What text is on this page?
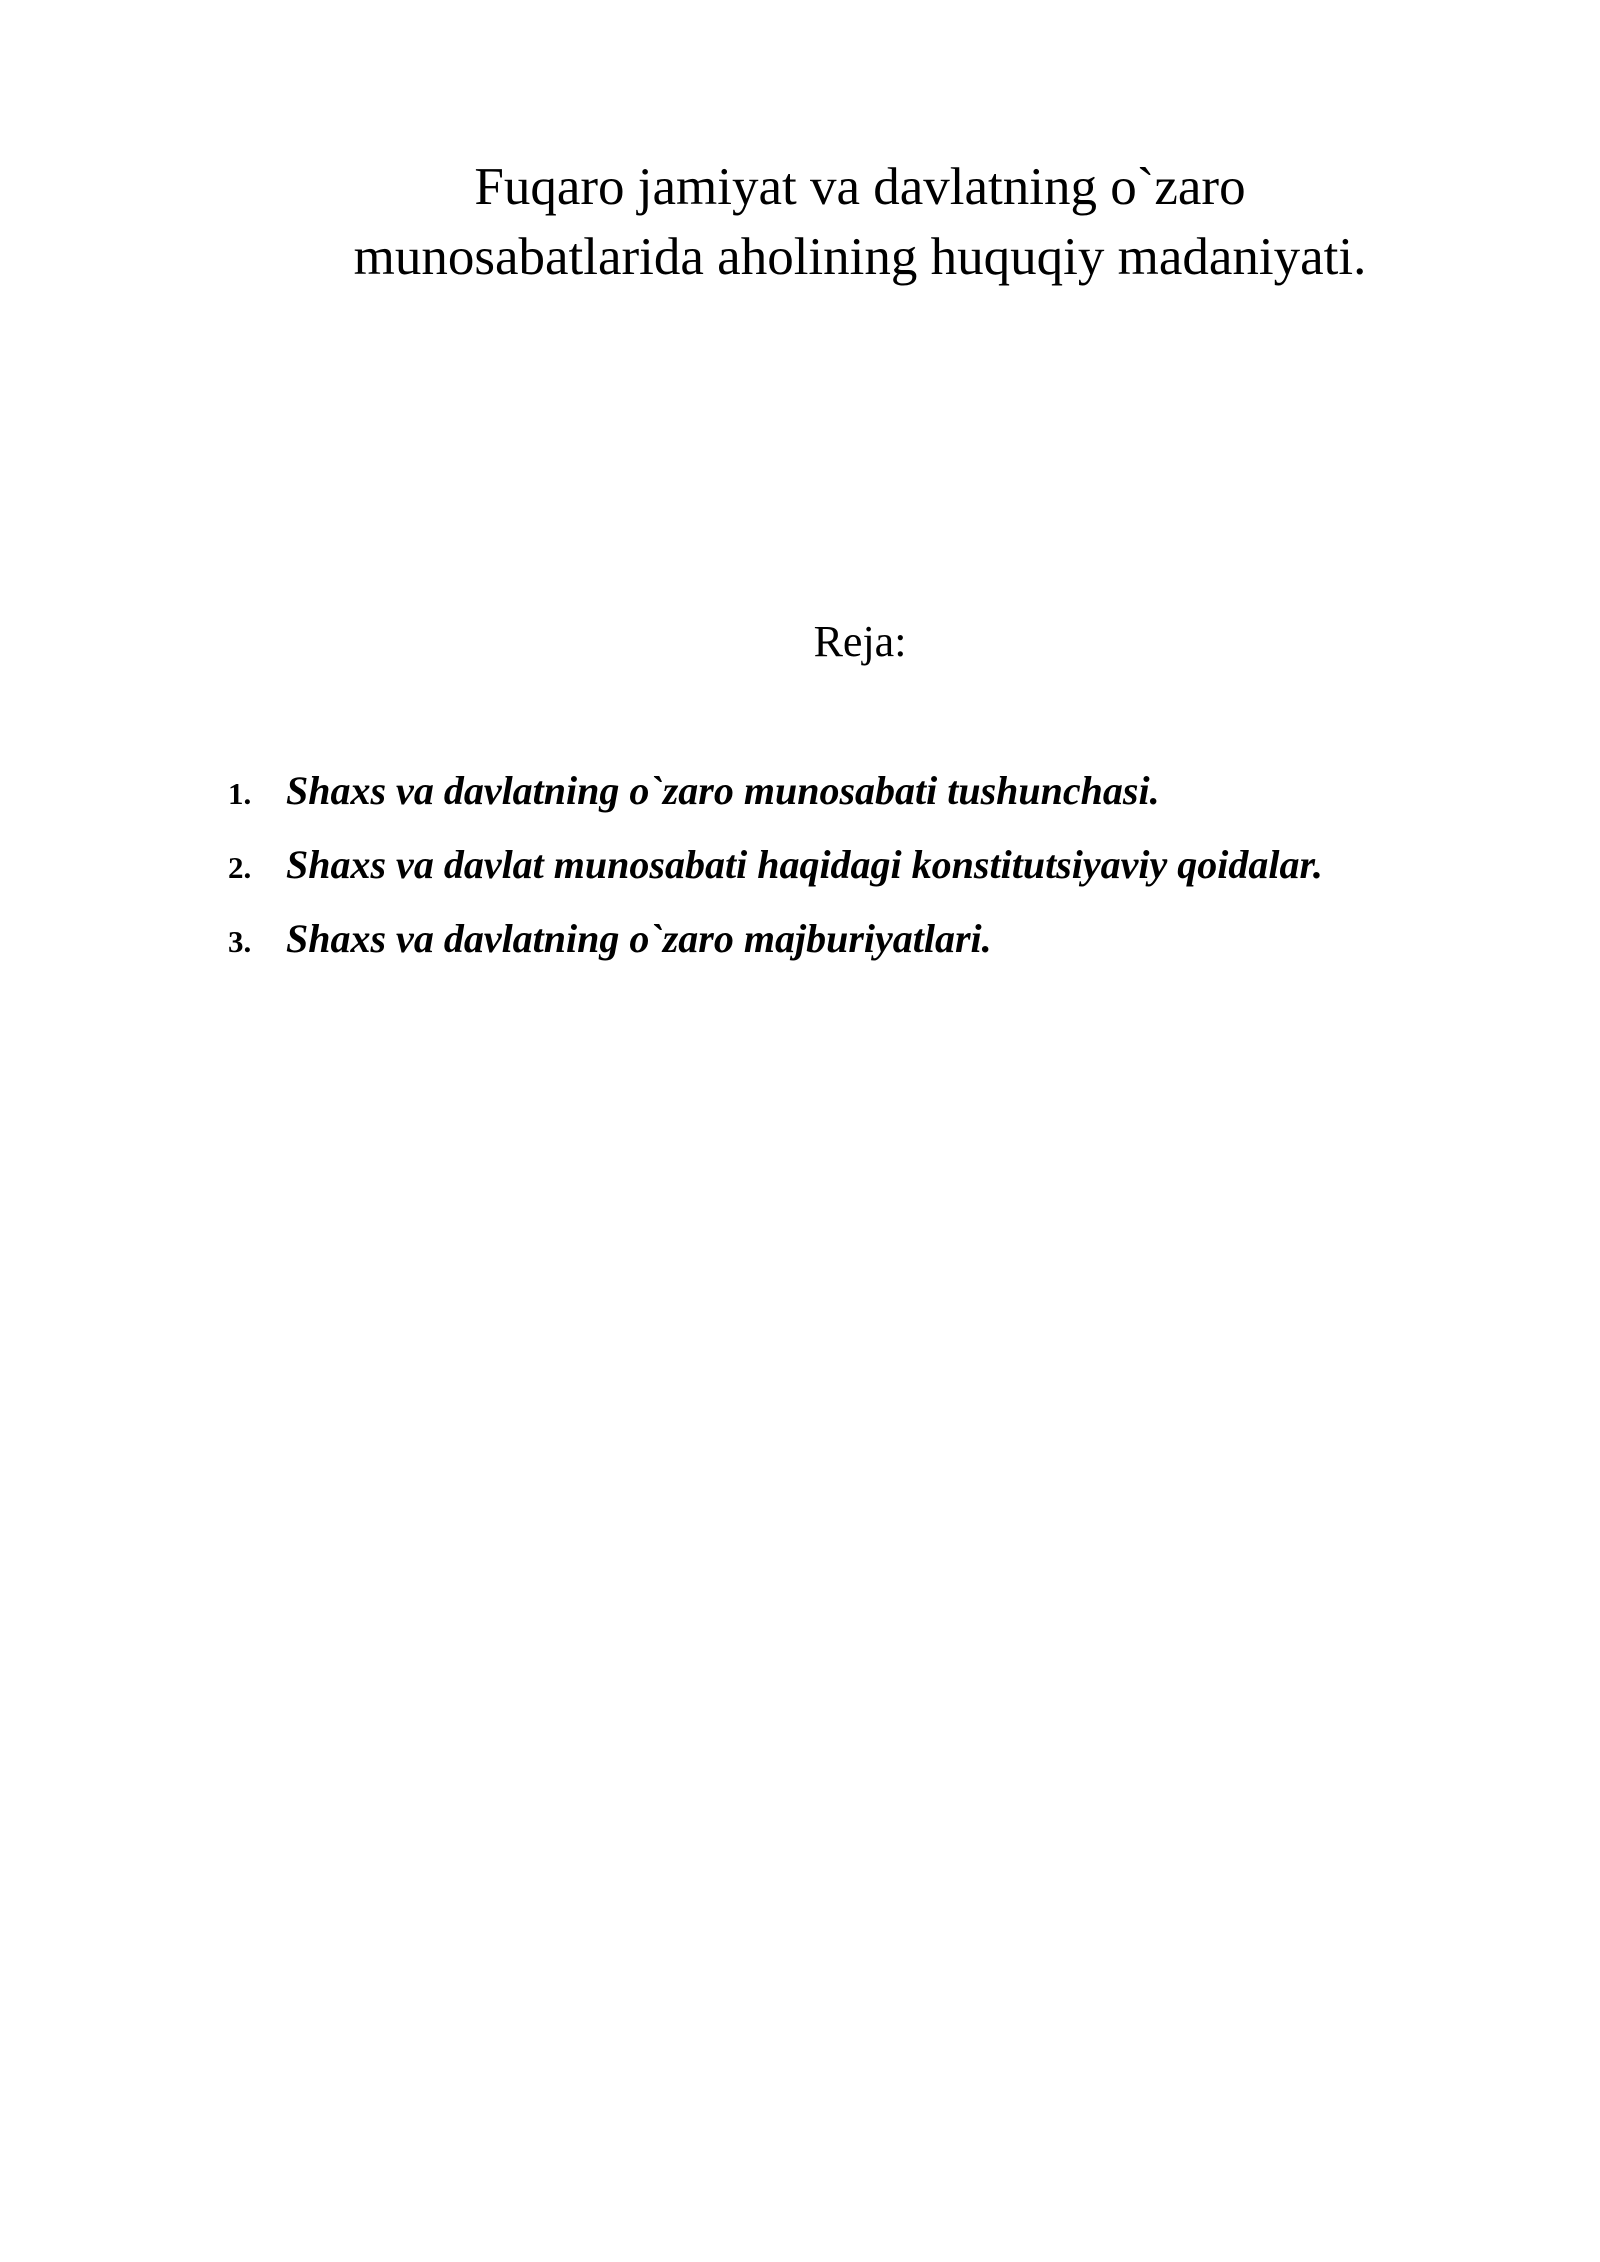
Fuqaro jamiyat va davlatning o`zaro
munosabatlarida aholining huquqiy madaniyati.
Reja:
1. Shaxs va davlatning o`zaro munosabati tushunchasi.
2. Shaxs va davlat munosabati haqidagi konstitutsiyaviy qoidalar.
3. Shaxs va davlatning o`zaro majburiyatlari.
